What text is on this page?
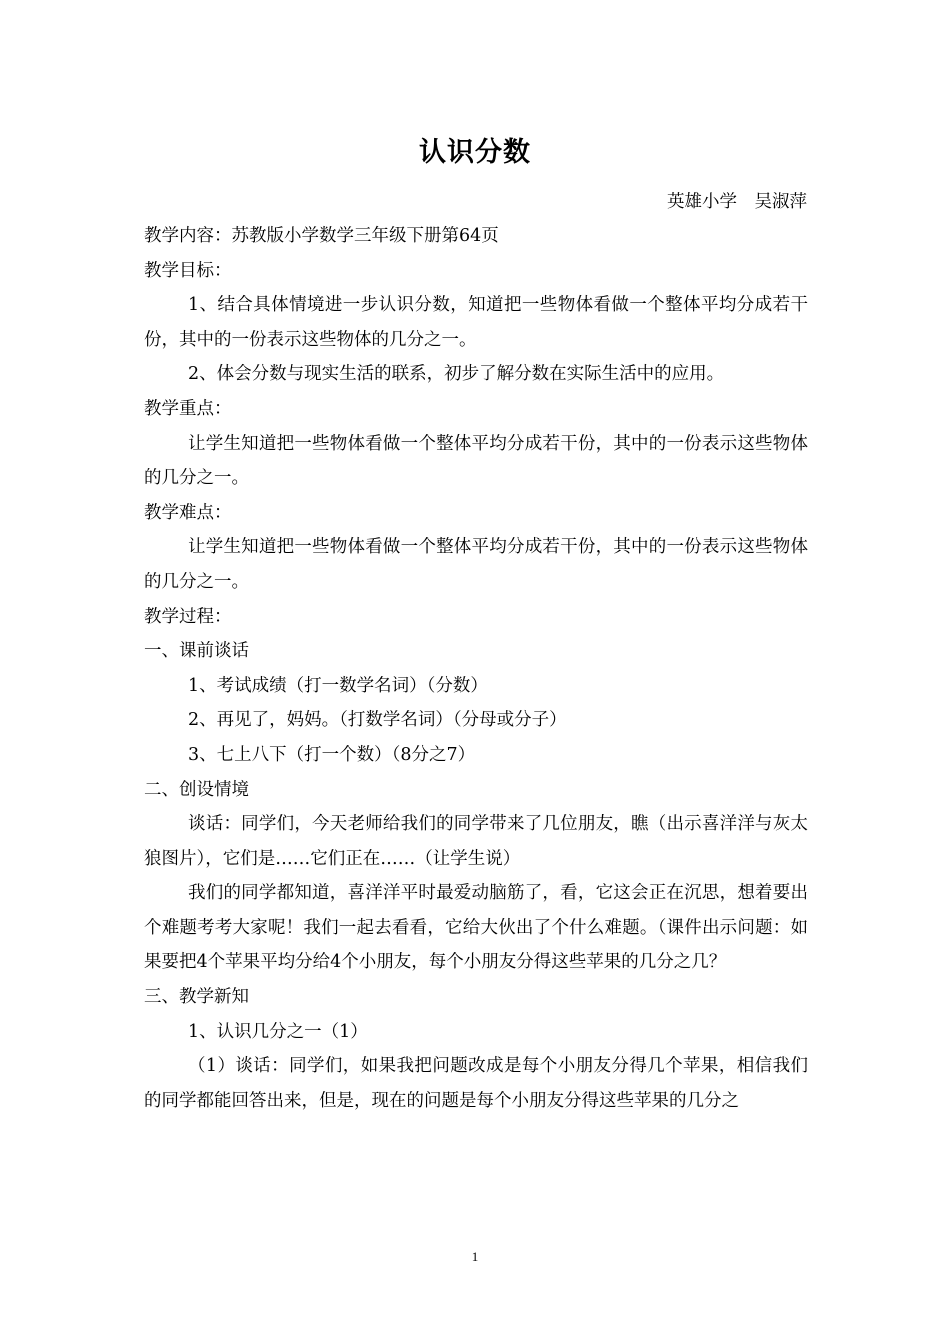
认识分数
英雄小学　吴淑萍

教学内容：苏教版小学数学三年级下册第64页

教学目标：

1、结合具体情境进一步认识分数，知道把一些物体看做一个整体平均分成若干份，其中的一份表示这些物体的几分之一。

2、体会分数与现实生活的联系，初步了解分数在实际生活中的应用。

教学重点：

让学生知道把一些物体看做一个整体平均分成若干份，其中的一份表示这些物体的几分之一。

教学难点：

让学生知道把一些物体看做一个整体平均分成若干份，其中的一份表示这些物体的几分之一。

教学过程：

一、课前谈话

1、考试成绩（打一数学名词）（分数）

2、再见了，妈妈。（打数学名词）（分母或分子）

3、七上八下（打一个数）（8分之7）

二、创设情境

谈话：同学们，今天老师给我们的同学带来了几位朋友，瞧（出示喜洋洋与灰太狼图片），它们是……它们正在……（让学生说）

我们的同学都知道，喜洋洋平时最爱动脑筋了，看，它这会正在沉思，想着要出个难题考考大家呢！我们一起去看看，它给大伙出了个什么难题。（课件出示问题：如果要把4个苹果平均分给4个小朋友，每个小朋友分得这些苹果的几分之几？

三、教学新知

1、认识几分之一（1）

（1）谈话：同学们，如果我把问题改成是每个小朋友分得几个苹果，相信我们的同学都能回答出来，但是，现在的问题是每个小朋友分得这些苹果的几分之

1
